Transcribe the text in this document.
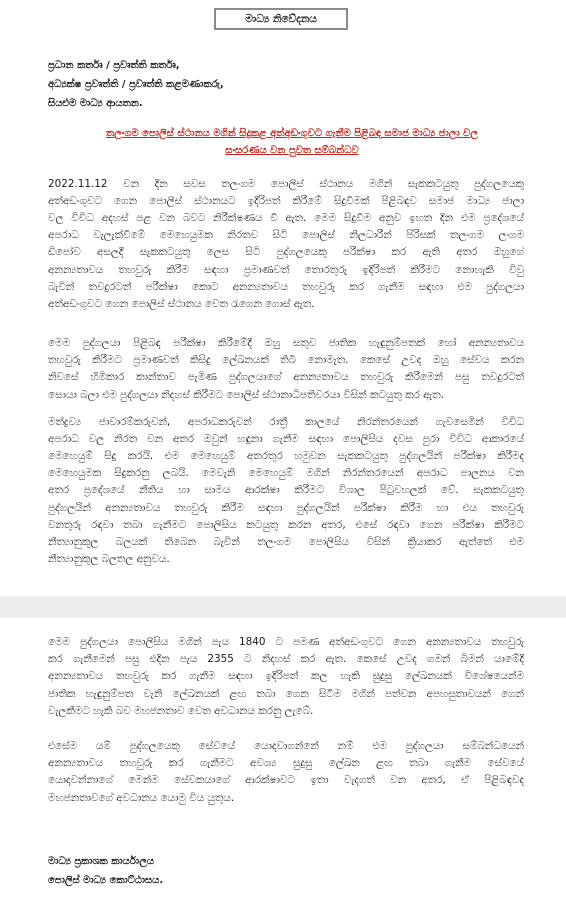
මාධ්‍ය නිවේදනය
ප්‍රධාන කර්තෘ / ප්‍රවෘත්ති කර්තෘ,
අධ්‍යක්ෂ ප්‍රවෘත්ති / ප්‍රවෘත්ති කළමණාකරු,
සියළුම මාධ්‍ය ආයතන.
තලංගම පොලිස් ස්ථානය මගින් සිදුකළ අත්අඩංගුවට ගැනීම පිළිබඳ සමාජ මාධ්‍ය ජාලා වල
සංසරණය වන පුවත සම්බන්ධව
2022.11.12 වන දින සවස තලංගම පොලිස් ස්ථානය මගින් සැකකටයුතු පුද්ගලයෙකු
අත්අඩංගුවට ගෙන පොලිස් ස්ථානයට ඉදිරිපත් කිරීමේ සිදුවීමක් පිළිබඳව සමාජ මාධ්‍ය ජාලා
වල විවිධ අදහස් පළ වන බවට නිරීක්ෂණය වී ඇත. මෙම සිදුවීම අනුව ඉහත දින එම ප්‍රදේශයේ
අපරාධ වැලැක්වීමේ මෙහෙයුමක නිරතව සිටි පොලිස් නිලධාරීන් පිරිසක් තලංගම ලංගම
ඩිපෝව අසලදී සැකකටයුතු ලෙස සිටි පුද්ගලයෙකු පරීක්ෂා කර ඇති අතර ඔහුගේ
අනන්‍යතාවය තහවුරු කිරීම සඳහා ප්‍රමාණවත් තොරතුරු ඉදිරිපත් කිරීමට නොහැකි විවු
බැවින් තවදුරටත් පරීක්ෂා කොට අනන්‍යතාවය තහවුරු කර ගැනීම සඳහා එම පුද්ගලයා
අත්අඩංගුවට ගෙන පොලිස් ස්ථානය වෙත රැගෙන ගොස් ඇත.
මෙම පුද්ගලයා පිළිබඳ පරීක්ෂා කිරීමේදී ඔහු සතුව ජාතික හැඳුනුම්පතක් හෝ අනන්‍යතාවය
තහවුරු කිරීමට ප්‍රමාණවත් කිසිදු ලේඛනයක් තිබී නොමැත. කෙසේ උවද ඔහු සේවය කරන
නිවසේ හිමිකාර කාන්තාව පැමිණ පුද්ගලයාගේ අනන්‍යතාවය තහවුරු කිරීමෙන් පසු තවදුරටත්
සොයා බලා එම පුද්ගලයා නිදහස් කිරීමට පොලිස් ස්ථානාධිපතිවරයා විසින් කටයුතු කර ඇත.
මත්ද්‍රව්‍ය ජාවාරම්කරුවන්, අපරාධකරුවන් රාත්‍රී කාලයේ නිරන්තරයෙන් ගැවසෙමින් විවිධ
අපරාධ වල නිරත වන අතර ඔවුන් හඳුනා ගැනීම සඳහා පොලිසිය දවස පුරා විවිධ ආකාරයේ
මෙහෙයුම් සිදු කරයි. එම මෙහෙයුම් අතරතුර හමුවන සැකකටයුතු පුද්ගලයින් පරීක්ෂා කිරීමද
මෙහෙයුමක සිදුකරනු ලබයි. මෙවැනි මෙහෙයුම් මගින් නිරන්තරයෙන් අපරාධ පාලනය වන
අතර ප්‍රදේශයේ නීතිය හා සාමය ආරක්ෂා කිරීමට විශාල පිටුවහලක් වේ. සැකකටයුතු
පුද්ගලයින් අනන්‍යතාවය තහවුරු කිරීම සඳහා පුද්ගලයින් පරීක්ෂා කිරීම හා එය තහවුරු
වනතුරු රඳවා තබා ගැනීමට පොලිසිය කටයුතු කරන අතර, එසේ රඳවා ගෙන පරීක්ෂා කිරීමට
නීත්‍යානුකූල බලයක් තිබෙන බැවින් තලංගම පොලිසිය විසින් ක්‍රියාකර ඇත්තේ එම
නීත්‍යානුකූල බලතල අනුවය.
මෙම පුද්ගලයා පොලිසිය මගින් පැය 1840 ට පමණ අත්අඩංගුවට ගෙන අනන්‍යතාවය තහවුරු
කර ගැනීමෙන් පසු එදින පැය 2355 ට නිදහස් කර ඇත. කෙසේ උවද ගමන් බිමන් යාමේදී
අනන්‍යතාවය තහවුරු කර ගැනීම සඳහා ඉදිරිපත් කල හැකි සුදුසු ලේඛනයක් විශේෂයෙන්ම
ජාතික හැඳුනුම්පත වැනි ලේඛනයක් ළඟ තබා ගෙන සිටීම මගින් පත්වන අපහසුතාවයන් ගෙන්
වැලකීමට හැකි බව මහජනතාව වෙත අවධානය කරනු ලැබේ.
එසේම යම් පුද්ගලයෙකු සේවයේ යොදවාගන්නේ නම් එම පුද්ගලයා සම්බන්ධයෙන්
අනන්‍යතාවය තහවුරු කර ගැනීමට අවශ්‍ය සුදුසු ලේඛන ළඟ තබා ගැනීම සේවයේ
යොදවන්නාගේ මෙන්ම සේවකයාගේ ආරක්ෂාවට ඉතා වැදගත් වන අතර, ඒ පිළිබඳවද
මහජනතාවගේ අවධානය යොමු විය යුතුය.
මාධ්‍ය ප්‍රකාශක කාර්යාලය
පොලිස් මාධ්‍ය කොට්ඨාසය.
